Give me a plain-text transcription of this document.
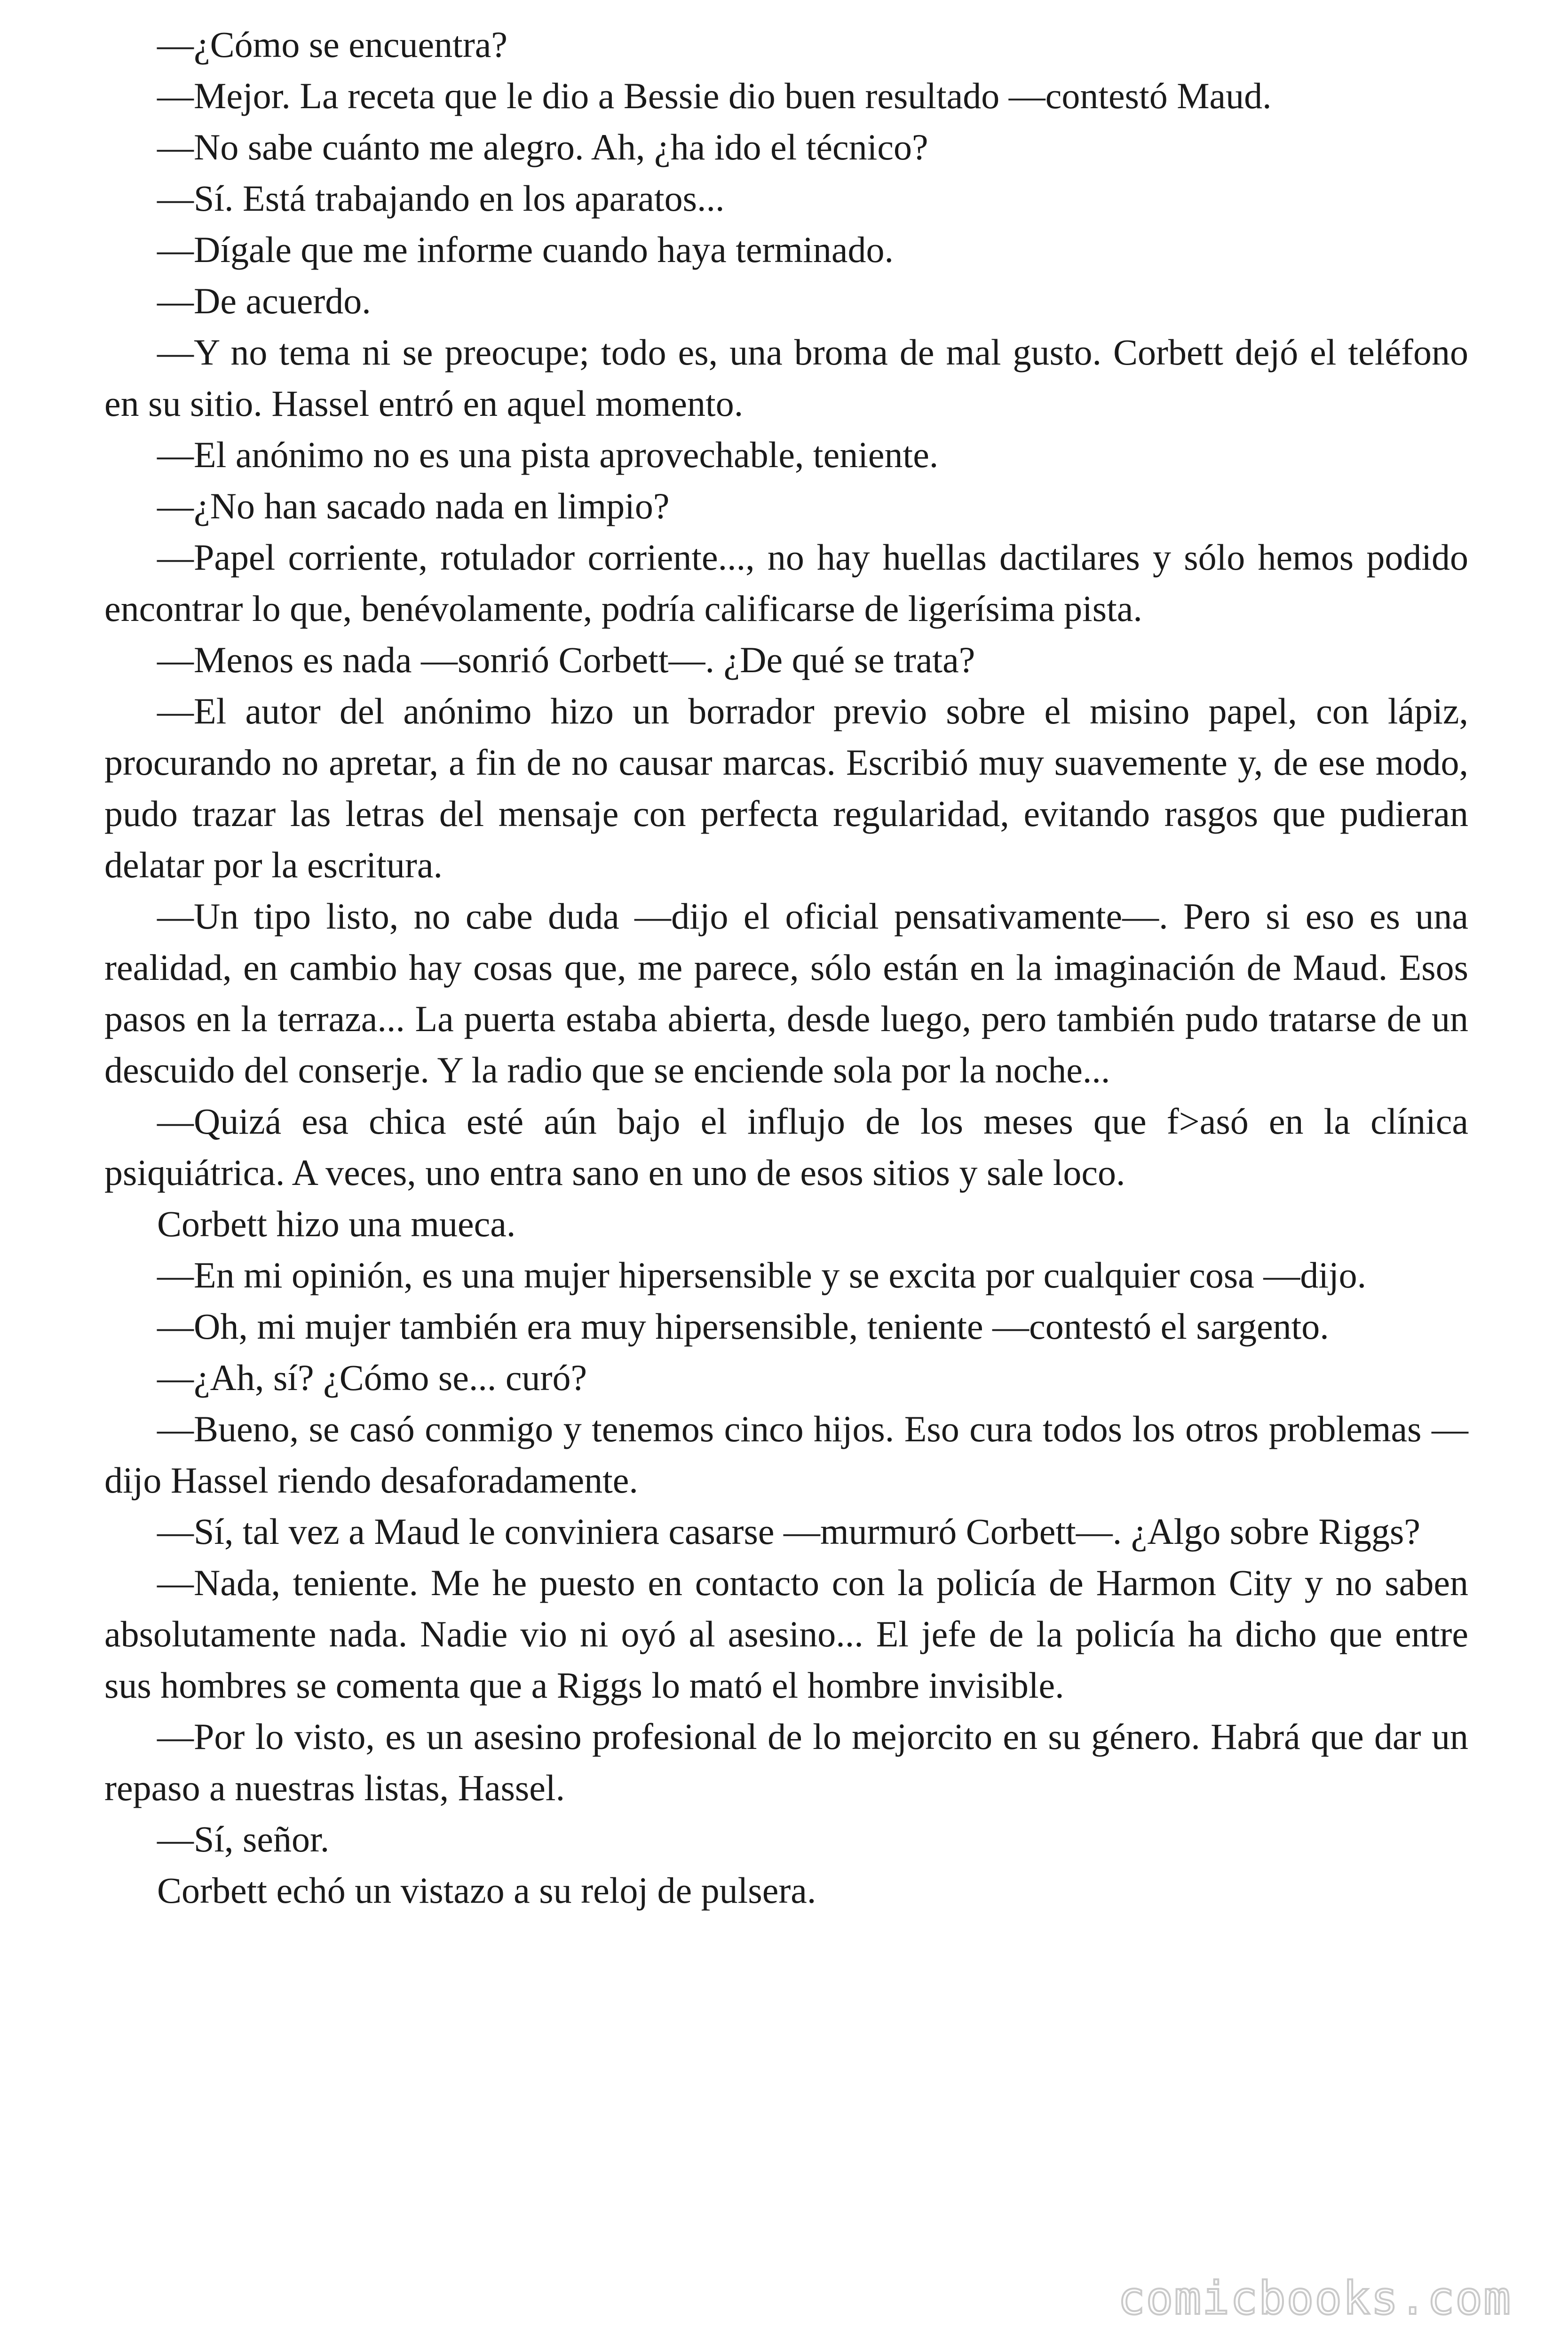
—¿Cómo se encuentra?

—Mejor. La receta que le dio a Bessie dio buen resultado —contestó Maud.

—No sabe cuánto me alegro. Ah, ¿ha ido el técnico?

—Sí. Está trabajando en los aparatos...

—Dígale que me informe cuando haya terminado.

—De acuerdo.

—Y no tema ni se preocupe; todo es, una broma de mal gusto. Corbett dejó el teléfono en su sitio. Hassel entró en aquel momento.

—El anónimo no es una pista aprovechable, teniente.

—¿No han sacado nada en limpio?

—Papel corriente, rotulador corriente..., no hay huellas dactilares y sólo hemos podido encontrar lo que, benévolamente, podría calificarse de ligerísima pista.

—Menos es nada —sonrió Corbett—. ¿De qué se trata?

—El autor del anónimo hizo un borrador previo sobre el misino papel, con lápiz, procurando no apretar, a fin de no causar marcas. Escribió muy suavemente y, de ese modo, pudo trazar las letras del mensaje con perfecta regularidad, evitando rasgos que pudieran delatar por la escritura.

—Un tipo listo, no cabe duda —dijo el oficial pensativamente—. Pero si eso es una realidad, en cambio hay cosas que, me parece, sólo están en la imaginación de Maud. Esos pasos en la terraza... La puerta estaba abierta, desde luego, pero también pudo tratarse de un descuido del conserje. Y la radio que se enciende sola por la noche...

—Quizá esa chica esté aún bajo el influjo de los meses que f>asó en la clínica psiquiátrica. A veces, uno entra sano en uno de esos sitios y sale loco.

Corbett hizo una mueca.

—En mi opinión, es una mujer hipersensible y se excita por cualquier cosa —dijo.

—Oh, mi mujer también era muy hipersensible, teniente —contestó el sargento.

—¿Ah, sí? ¿Cómo se... curó?

—Bueno, se casó conmigo y tenemos cinco hijos. Eso cura todos los otros problemas — dijo Hassel riendo desaforadamente.

—Sí, tal vez a Maud le conviniera casarse —murmuró Corbett—. ¿Algo sobre Riggs?

—Nada, teniente. Me he puesto en contacto con la policía de Harmon City y no saben absolutamente nada. Nadie vio ni oyó al asesino... El jefe de la policía ha dicho que entre sus hombres se comenta que a Riggs lo mató el hombre invisible.

—Por lo visto, es un asesino profesional de lo mejorcito en su género. Habrá que dar un repaso a nuestras listas, Hassel.

—Sí, señor.

Corbett echó un vistazo a su reloj de pulsera.

comicbooks.com
